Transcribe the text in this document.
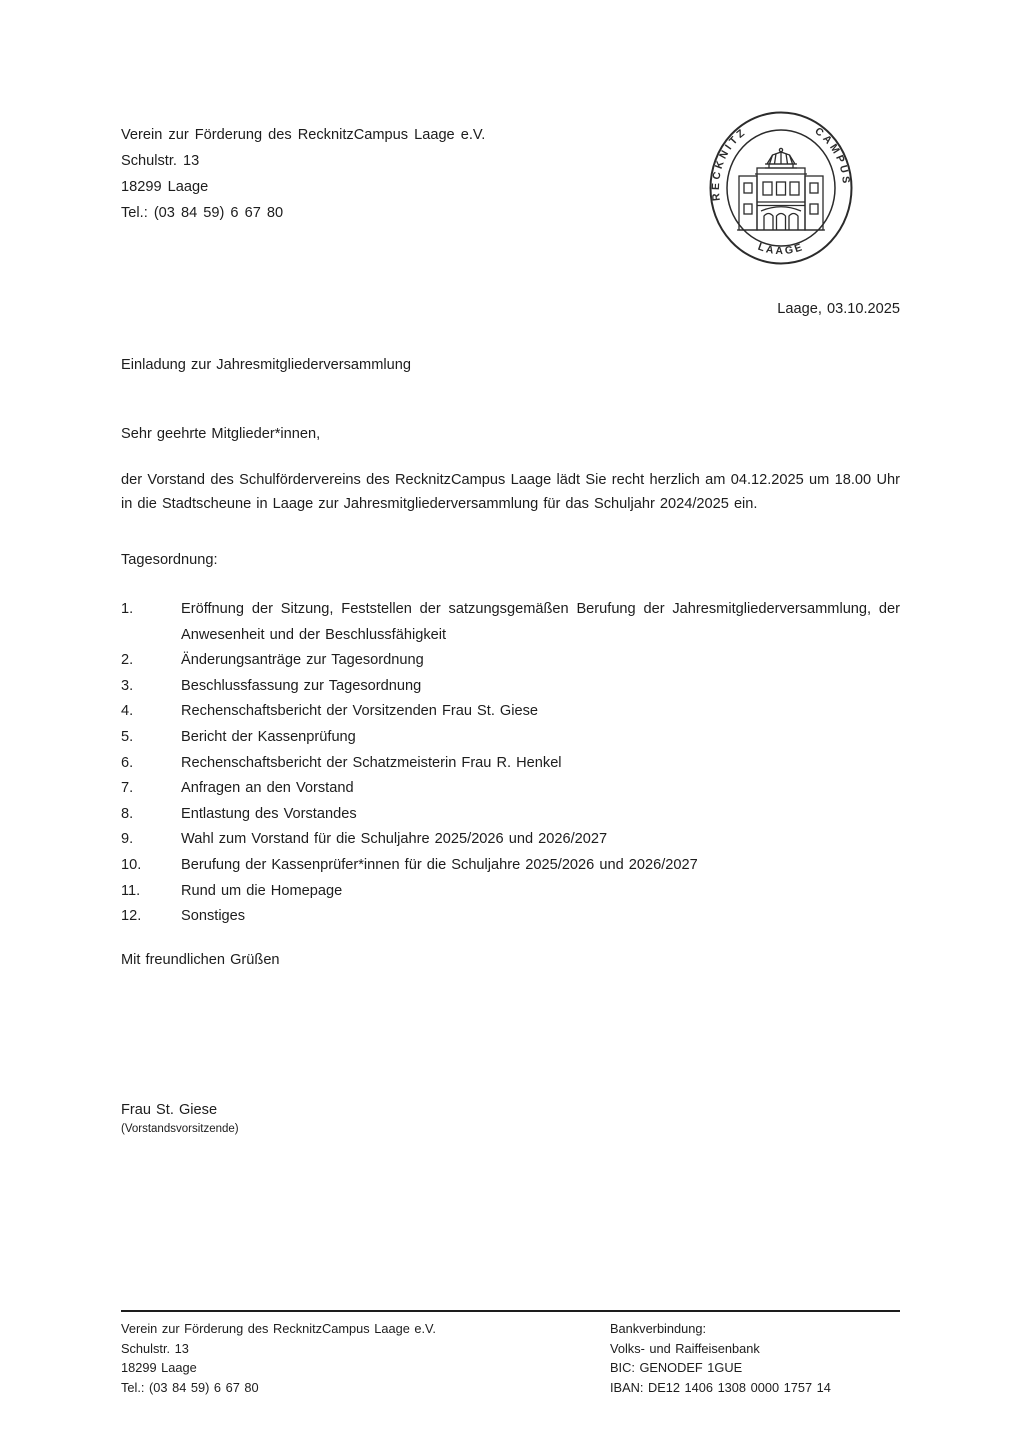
Verein zur Förderung des RecknitzCampus Laage e.V.
Schulstr. 13
18299 Laage
Tel.: (03 84 59) 6 67 80
RECKNITZ	CAMPUS
LAAGE
Laage, 03.10.2025
Einladung zur Jahresmitgliederversammlung
Sehr geehrte Mitglieder*innen,
der Vorstand des Schulfördervereins des RecknitzCampus Laage lädt Sie recht herzlich am 04.12.2025 um 18.00 Uhr in die Stadtscheune in Laage zur Jahresmitgliederversammlung für das Schuljahr 2024/2025 ein.
Tagesordnung:
1.	Eröffnung der Sitzung, Feststellen der satzungsgemäßen Berufung der Jahresmitgliederversammlung, der Anwesenheit und der Beschlussfähigkeit
2.	Änderungsanträge zur Tagesordnung
3.	Beschlussfassung zur Tagesordnung
4.	Rechenschaftsbericht der Vorsitzenden Frau St. Giese
5.	Bericht der Kassenprüfung
6.	Rechenschaftsbericht der Schatzmeisterin Frau R. Henkel
7.	Anfragen an den Vorstand
8.	Entlastung des Vorstandes
9.	Wahl zum Vorstand für die Schuljahre 2025/2026 und 2026/2027
10.	Berufung der Kassenprüfer*innen für die Schuljahre 2025/2026 und 2026/2027
11.	Rund um die Homepage
12.	Sonstiges
Mit freundlichen Grüßen
Frau St. Giese
(Vorstandsvorsitzende)
Verein zur Förderung des RecknitzCampus Laage e.V.
Schulstr. 13
18299 Laage
Tel.: (03 84 59) 6 67 80
Bankverbindung:
Volks- und Raiffeisenbank
BIC: GENODEF 1GUE
IBAN: DE12 1406 1308 0000 1757 14
